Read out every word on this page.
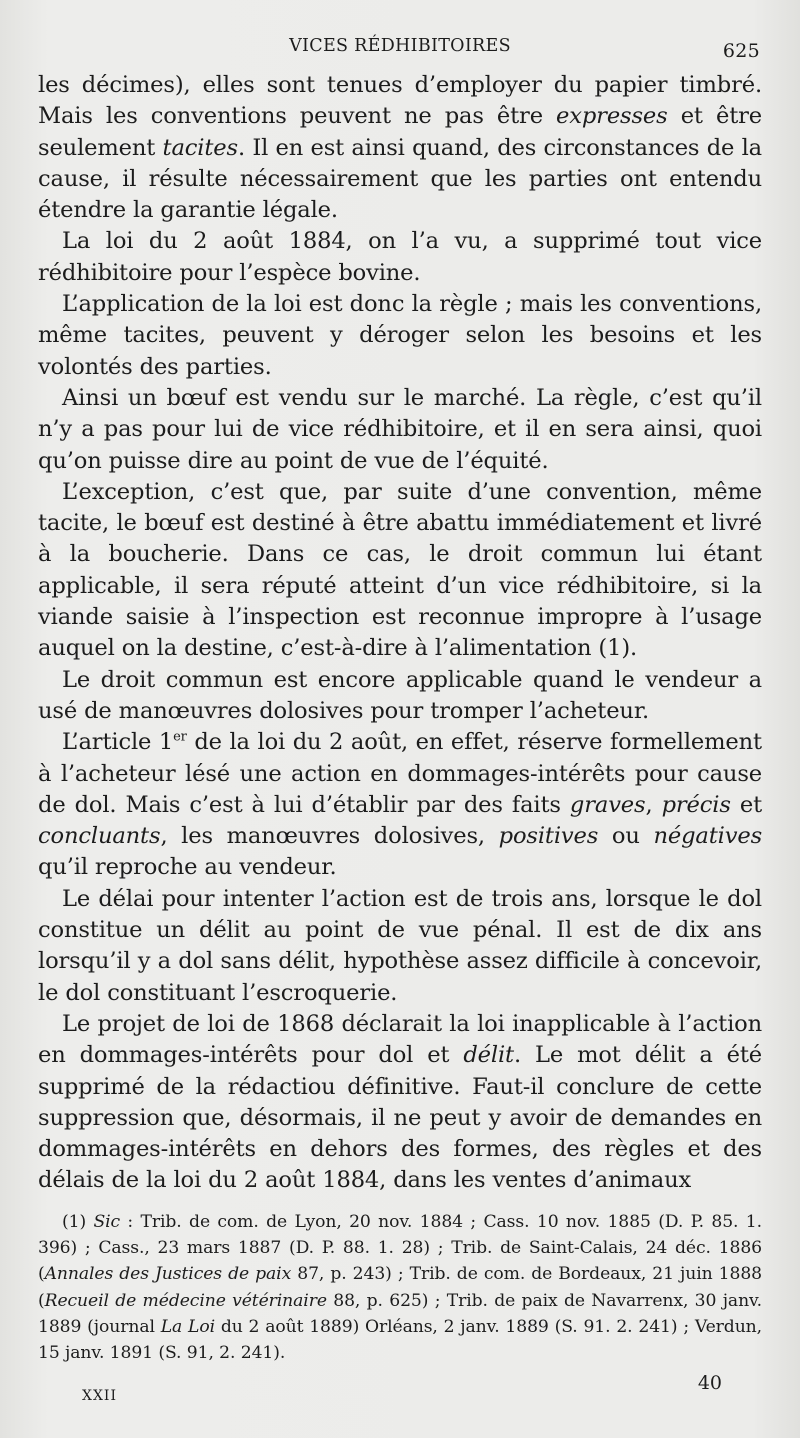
VICES RÉDHIBITOIRES	625

les décimes), elles sont tenues d’employer du papier timbré. Mais les conventions peuvent ne pas être expresses et être seulement tacites. Il en est ainsi quand, des circonstances de la cause, il résulte nécessairement que les parties ont entendu étendre la garantie légale.

La loi du 2 août 1884, on l’a vu, a supprimé tout vice rédhibitoire pour l’espèce bovine.

L’application de la loi est donc la règle ; mais les conventions, même tacites, peuvent y déroger selon les besoins et les volontés des parties.

Ainsi un bœuf est vendu sur le marché. La règle, c’est qu’il n’y a pas pour lui de vice rédhibitoire, et il en sera ainsi, quoi qu’on puisse dire au point de vue de l’équité.

L’exception, c’est que, par suite d’une convention, même tacite, le bœuf est destiné à être abattu immédiatement et livré à la boucherie. Dans ce cas, le droit commun lui étant applicable, il sera réputé atteint d’un vice rédhibitoire, si la viande saisie à l’inspection est reconnue impropre à l’usage auquel on la destine, c’est-à-dire à l’alimentation (1).

Le droit commun est encore applicable quand le vendeur a usé de manœuvres dolosives pour tromper l’acheteur.

L’article 1er de la loi du 2 août, en effet, réserve formellement à l’acheteur lésé une action en dommages-intérêts pour cause de dol. Mais c’est à lui d’établir par des faits graves, précis et concluants, les manœuvres dolosives, positives ou négatives qu’il reproche au vendeur.

Le délai pour intenter l’action est de trois ans, lorsque le dol constitue un délit au point de vue pénal. Il est de dix ans lorsqu’il y a dol sans délit, hypothèse assez difficile à concevoir, le dol constituant l’escroquerie.

Le projet de loi de 1868 déclarait la loi inapplicable à l’action en dommages-intérêts pour dol et délit. Le mot délit a été supprimé de la rédactiou définitive. Faut-il conclure de cette suppression que, désormais, il ne peut y avoir de demandes en dommages-intérêts en dehors des formes, des règles et des délais de la loi du 2 août 1884, dans les ventes d’animaux

(1) Sic : Trib. de com. de Lyon, 20 nov. 1884 ; Cass. 10 nov. 1885 (D. P. 85. 1. 396) ; Cass., 23 mars 1887 (D. P. 88. 1. 28) ; Trib. de Saint-Calais, 24 déc. 1886 (Annales des Justices de paix 87, p. 243) ; Trib. de com. de Bordeaux, 21 juin 1888 (Recueil de médecine vétérinaire 88, p. 625) ; Trib. de paix de Navarrenx, 30 janv. 1889 (journal La Loi du 2 août 1889) Orléans, 2 janv. 1889 (S. 91. 2. 241) ; Verdun, 15 janv. 1891 (S. 91, 2. 241).

XXII
40
